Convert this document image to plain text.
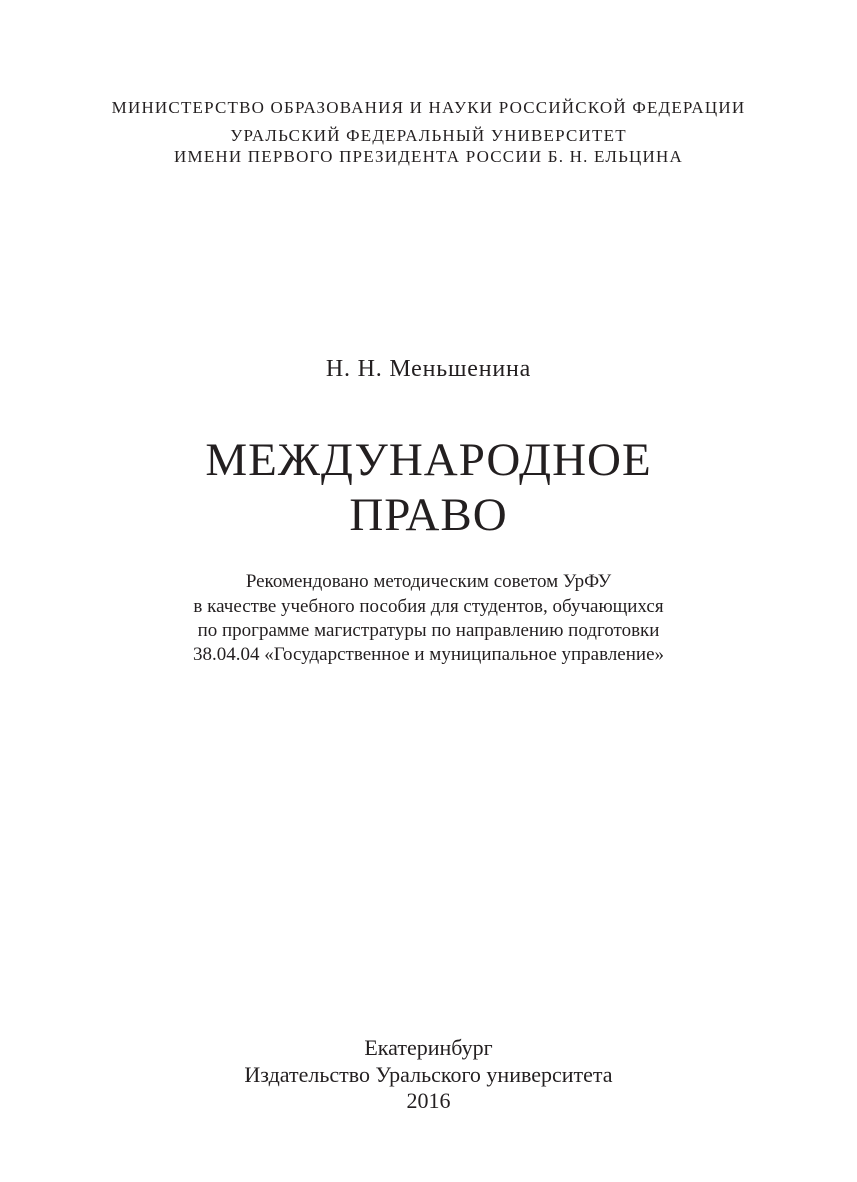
МИНИСТЕРСТВО ОБРАЗОВАНИЯ И НАУКИ РОССИЙСКОЙ ФЕДЕРАЦИИ
УРАЛЬСКИЙ ФЕДЕРАЛЬНЫЙ УНИВЕРСИТЕТ
ИМЕНИ ПЕРВОГО ПРЕЗИДЕНТА РОССИИ Б. Н. ЕЛЬЦИНА
Н. Н. Меньшенина
МЕЖДУНАРОДНОЕ
ПРАВО
Рекомендовано методическим советом УрФУ
в качестве учебного пособия для студентов, обучающихся
по программе магистратуры по направлению подготовки
38.04.04 «Государственное и муниципальное управление»
Екатеринбург
Издательство Уральского университета
2016
